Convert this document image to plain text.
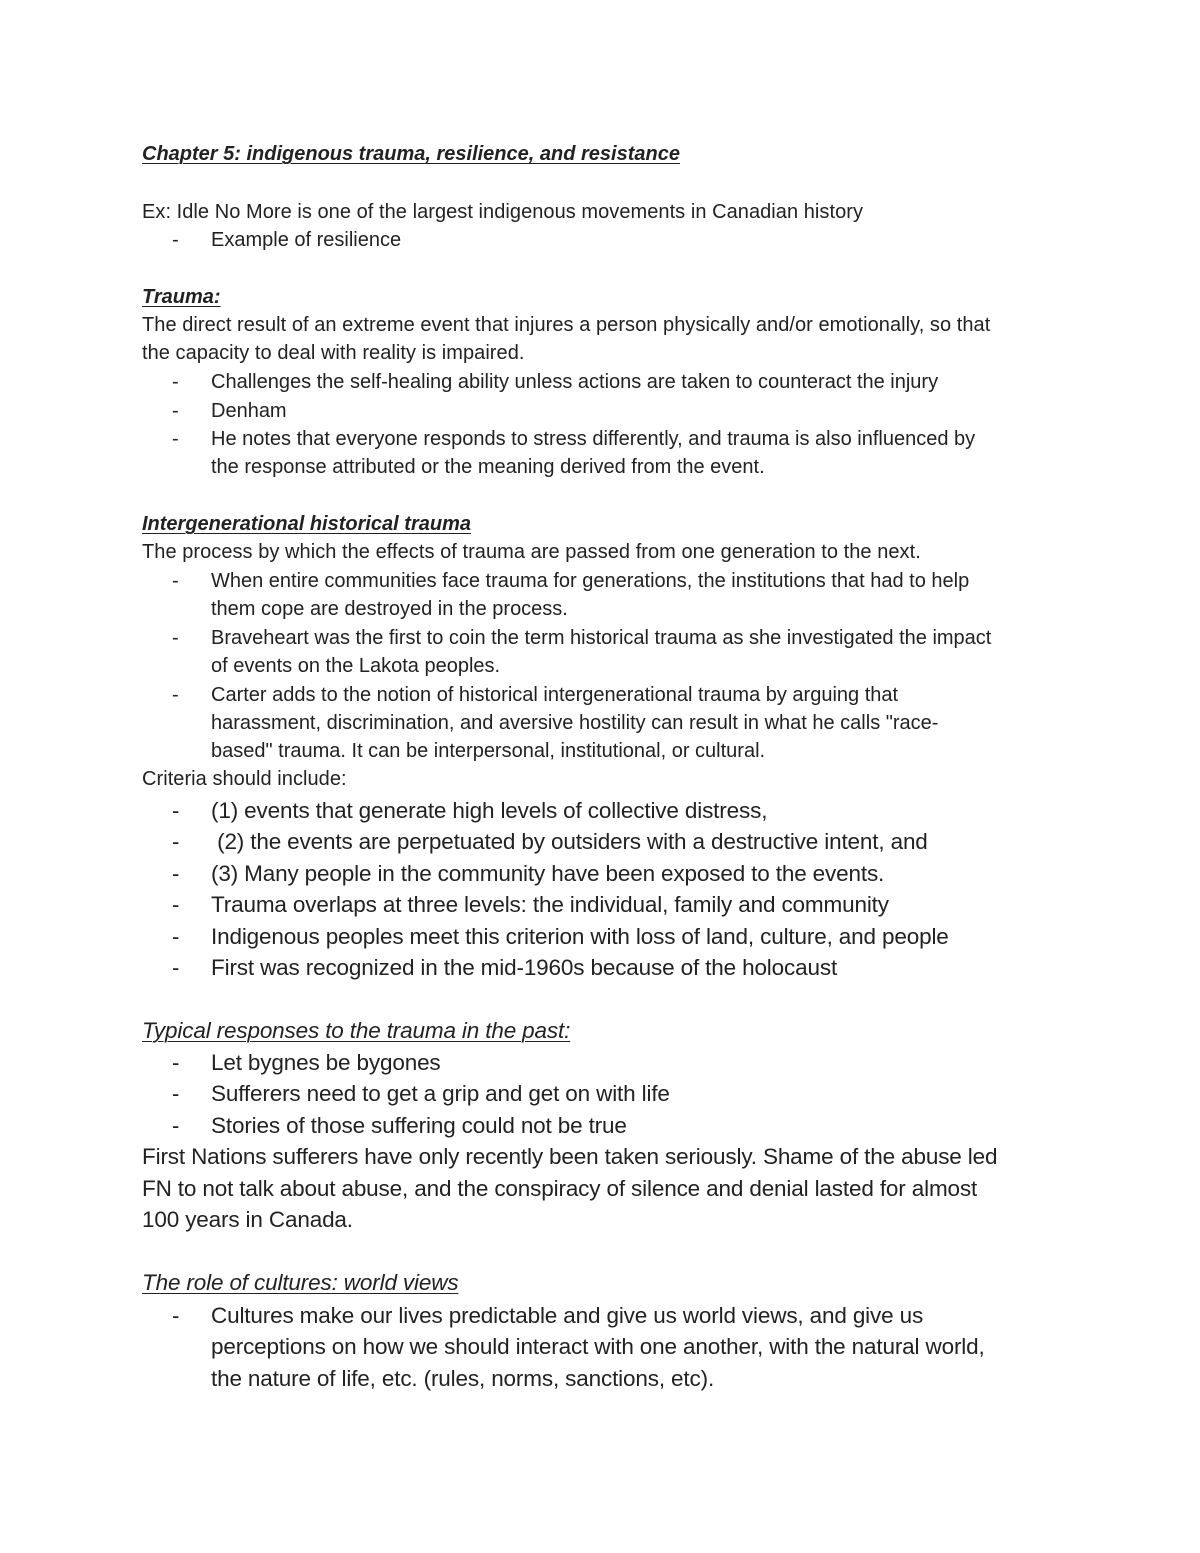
Chapter 5: indigenous trauma, resilience, and resistance
Ex: Idle No More is one of the largest indigenous movements in Canadian history
- Example of resilience
Trauma:
The direct result of an extreme event that injures a person physically and/or emotionally, so that
the capacity to deal with reality is impaired.
- Challenges the self-healing ability unless actions are taken to counteract the injury
- Denham
- He notes that everyone responds to stress differently, and trauma is also influenced by
the response attributed or the meaning derived from the event.
Intergenerational historical trauma
The process by which the effects of trauma are passed from one generation to the next.
- When entire communities face trauma for generations, the institutions that had to help
them cope are destroyed in the process.
- Braveheart was the first to coin the term historical trauma as she investigated the impact
of events on the Lakota peoples.
- Carter adds to the notion of historical intergenerational trauma by arguing that
harassment, discrimination, and aversive hostility can result in what he calls "race-
based" trauma. It can be interpersonal, institutional, or cultural.
Criteria should include:
- (1) events that generate high levels of collective distress,
- (2) the events are perpetuated by outsiders with a destructive intent, and
- (3) Many people in the community have been exposed to the events.
- Trauma overlaps at three levels: the individual, family and community
- Indigenous peoples meet this criterion with loss of land, culture, and people
- First was recognized in the mid-1960s because of the holocaust
Typical responses to the trauma in the past:
- Let bygnes be bygones
- Sufferers need to get a grip and get on with life
- Stories of those suffering could not be true
First Nations sufferers have only recently been taken seriously. Shame of the abuse led
FN to not talk about abuse, and the conspiracy of silence and denial lasted for almost
100 years in Canada.
The role of cultures: world views
- Cultures make our lives predictable and give us world views, and give us
perceptions on how we should interact with one another, with the natural world,
the nature of life, etc. (rules, norms, sanctions, etc).
